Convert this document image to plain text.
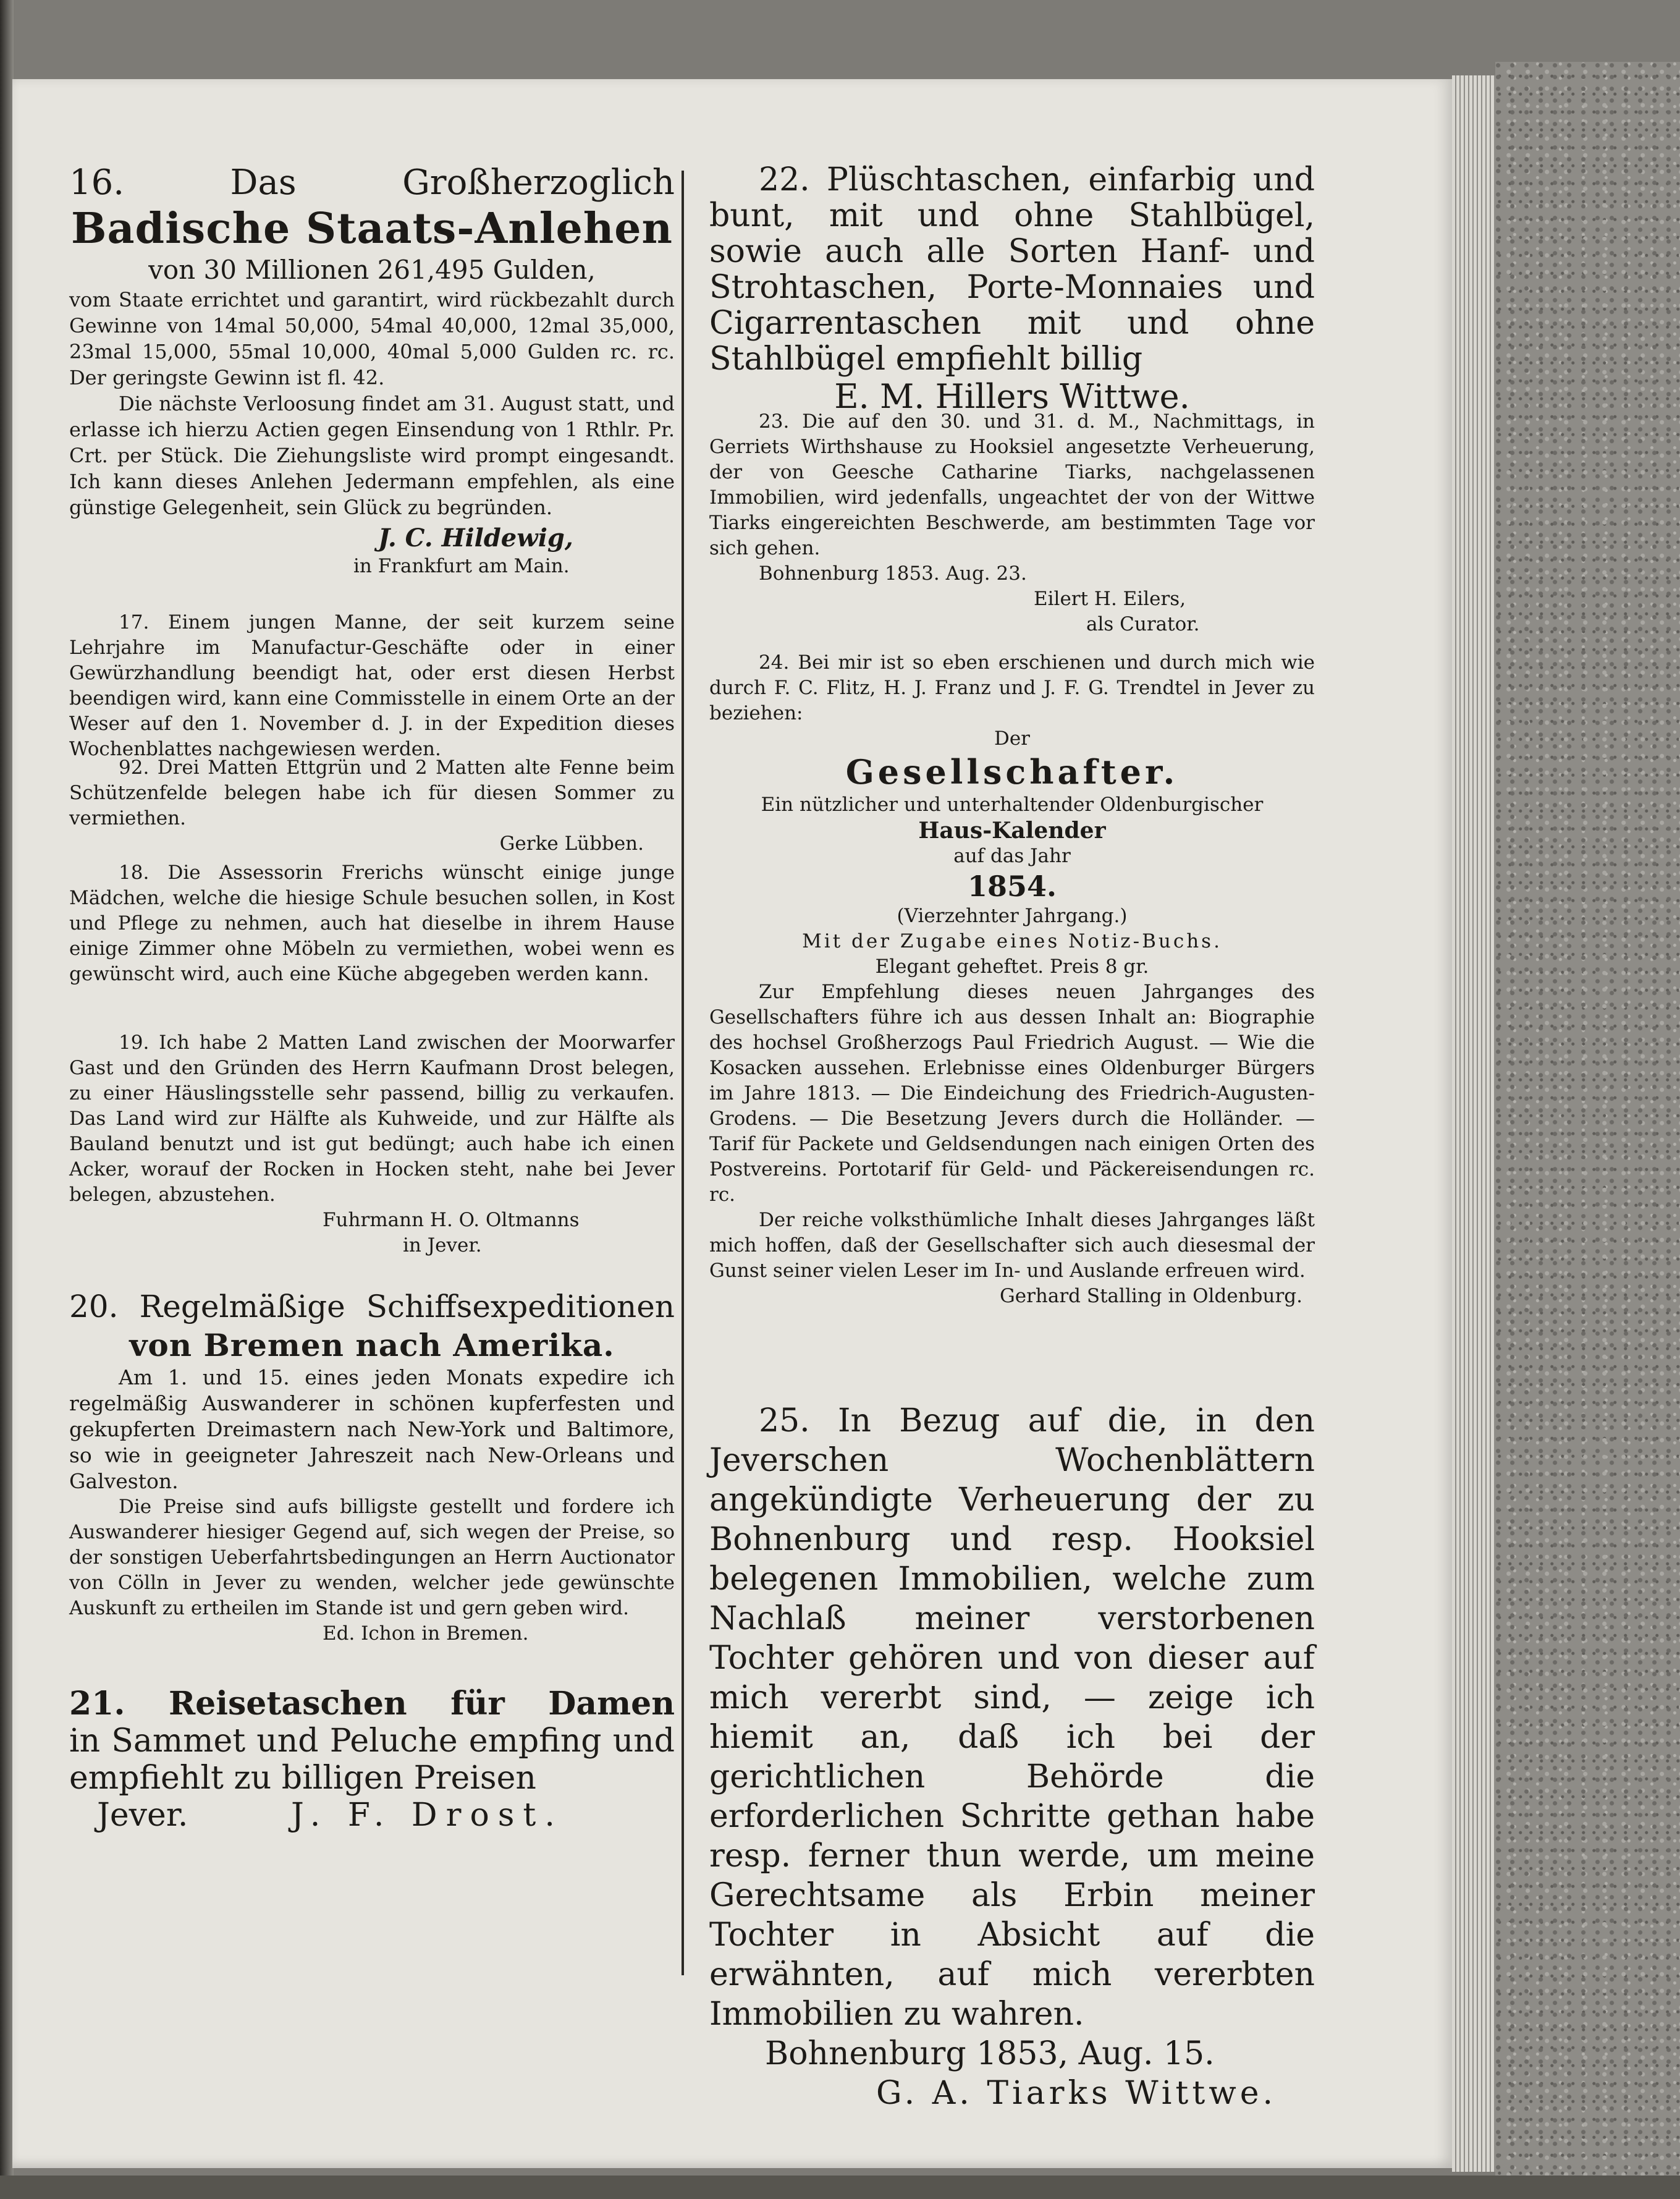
16. Das Großherzoglich

Badische Staats-Anlehen

von 30 Millionen 261,495 Gulden,

vom Staate errichtet und garantirt, wird rückbezahlt durch Gewinne von 14mal 50,000, 54mal 40,000, 12mal 35,000, 23mal 15,000, 55mal 10,000, 40mal 5,000 Gulden rc. rc. Der geringste Gewinn ist fl. 42.

Die nächste Verloosung findet am 31. August statt, und erlasse ich hierzu Actien gegen Einsendung von 1 Rthlr. Pr. Crt. per Stück. Die Ziehungsliste wird prompt eingesandt. Ich kann dieses Anlehen Jedermann empfehlen, als eine günstige Gelegenheit, sein Glück zu begründen.

J. C. Hildewig,

in Frankfurt am Main.

17. Einem jungen Manne, der seit kurzem seine Lehrjahre im Manufactur-Geschäfte oder in einer Gewürzhandlung beendigt hat, oder erst diesen Herbst beendigen wird, kann eine Commisstelle in einem Orte an der Weser auf den 1. November d. J. in der Expedition dieses Wochenblattes nachgewiesen werden.

92. Drei Matten Ettgrün und 2 Matten alte Fenne beim Schützenfelde belegen habe ich für diesen Sommer zu vermiethen.

Gerke Lübben.

18. Die Assessorin Frerichs wünscht einige junge Mädchen, welche die hiesige Schule besuchen sollen, in Kost und Pflege zu nehmen, auch hat dieselbe in ihrem Hause einige Zimmer ohne Möbeln zu vermiethen, wobei wenn es gewünscht wird, auch eine Küche abgegeben werden kann.

19. Ich habe 2 Matten Land zwischen der Moorwarfer Gast und den Gründen des Herrn Kaufmann Drost belegen, zu einer Häuslingsstelle sehr passend, billig zu verkaufen. Das Land wird zur Hälfte als Kuhweide, und zur Hälfte als Bauland benutzt und ist gut bedüngt; auch habe ich einen Acker, worauf der Rocken in Hocken steht, nahe bei Jever belegen, abzustehen.

Fuhrmann H. O. Oltmanns

in Jever.

20. Regelmäßige Schiffsexpeditionen

von Bremen nach Amerika.

Am 1. und 15. eines jeden Monats expedire ich regelmäßig Auswanderer in schönen kupferfesten und gekupferten Dreimastern nach New-York und Baltimore, so wie in geeigneter Jahreszeit nach New-Orleans und Galveston.

Die Preise sind aufs billigste gestellt und fordere ich Auswanderer hiesiger Gegend auf, sich wegen der Preise, so der sonstigen Ueberfahrtsbedingungen an Herrn Auctionator von Cölln in Jever zu wenden, welcher jede gewünschte Auskunft zu ertheilen im Stande ist und gern geben wird.

Ed. Ichon in Bremen.

21. Reisetaschen für Damen

in Sammet und Peluche empfing und

empfiehlt zu billigen Preisen

Jever.	J. F. Drost.

22. Plüschtaschen, einfarbig und bunt, mit und ohne Stahlbügel, sowie auch alle Sorten Hanf- und Strohtaschen, Porte-Monnaies und Cigarrentaschen mit und ohne Stahlbügel empfiehlt billig

E. M. Hillers Wittwe.

23. Die auf den 30. und 31. d. M., Nachmittags, in Gerriets Wirthshause zu Hooksiel angesetzte Verheuerung, der von Geesche Catharine Tiarks, nachgelassenen Immobilien, wird jedenfalls, ungeachtet der von der Wittwe Tiarks eingereichten Beschwerde, am bestimmten Tage vor sich gehen.

Bohnenburg 1853. Aug. 23.

Eilert H. Eilers,

als Curator.

24. Bei mir ist so eben erschienen und durch mich wie durch F. C. Flitz, H. J. Franz und J. F. G. Trendtel in Jever zu beziehen:

Der

Gesellschafter.

Ein nützlicher und unterhaltender Oldenburgischer

Haus-Kalender

auf das Jahr

1854.

(Vierzehnter Jahrgang.)

Mit der Zugabe eines Notiz-Buchs.

Elegant geheftet. Preis 8 gr.

Zur Empfehlung dieses neuen Jahrganges des Gesellschafters führe ich aus dessen Inhalt an: Biographie des hochsel Großherzogs Paul Friedrich August. — Wie die Kosacken aussehen. Erlebnisse eines Oldenburger Bürgers im Jahre 1813. — Die Eindeichung des Friedrich-Augusten-Grodens. — Die Besetzung Jevers durch die Holländer. — Tarif für Packete und Geldsendungen nach einigen Orten des Postvereins. Portotarif für Geld- und Päckereisendungen rc. rc.

Der reiche volksthümliche Inhalt dieses Jahrganges läßt mich hoffen, daß der Gesellschafter sich auch diesesmal der Gunst seiner vielen Leser im In- und Auslande erfreuen wird.

Gerhard Stalling in Oldenburg.

25. In Bezug auf die, in den Jeverschen Wochenblättern angekündigte Verheuerung der zu Bohnenburg und resp. Hooksiel belegenen Immobilien, welche zum Nachlaß meiner verstorbenen Tochter gehören und von dieser auf mich vererbt sind, — zeige ich hiemit an, daß ich bei der gerichtlichen Behörde die erforderlichen Schritte gethan habe resp. ferner thun werde, um meine Gerechtsame als Erbin meiner Tochter in Absicht auf die erwähnten, auf mich vererbten Immobilien zu wahren.

Bohnenburg 1853, Aug. 15.

G. A. Tiarks Wittwe.
